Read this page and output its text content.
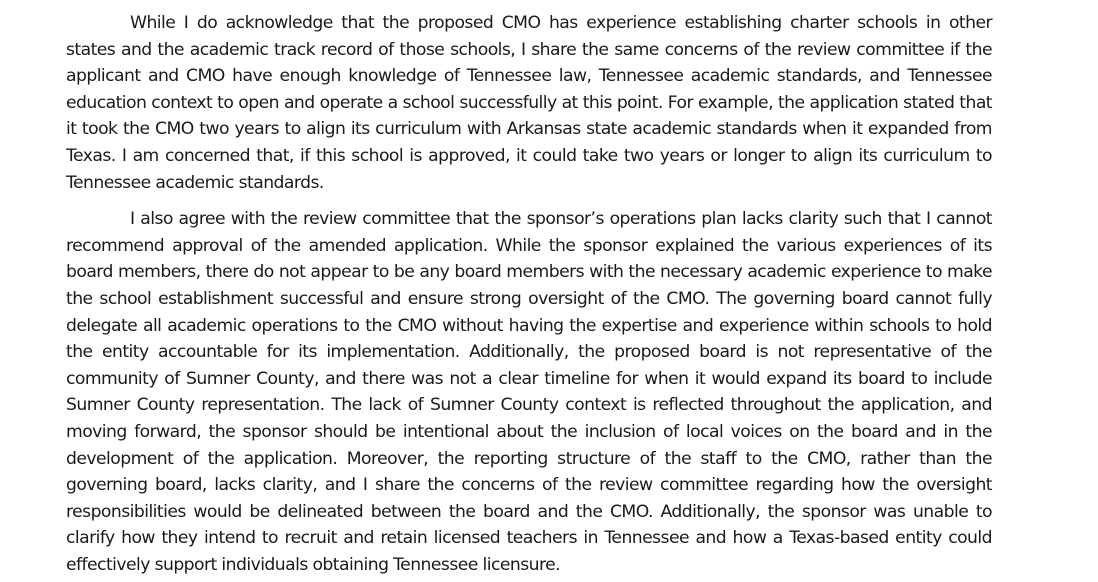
While I do acknowledge that the proposed CMO has experience establishing charter schools in other states and the academic track record of those schools, I share the same concerns of the review committee if the applicant and CMO have enough knowledge of Tennessee law, Tennessee academic standards, and Tennessee education context to open and operate a school successfully at this point. For example, the application stated that it took the CMO two years to align its curriculum with Arkansas state academic standards when it expanded from Texas. I am concerned that, if this school is approved, it could take two years or longer to align its curriculum to Tennessee academic standards.

I also agree with the review committee that the sponsor’s operations plan lacks clarity such that I cannot recommend approval of the amended application. While the sponsor explained the various experiences of its board members, there do not appear to be any board members with the necessary academic experience to make the school establishment successful and ensure strong oversight of the CMO. The governing board cannot fully delegate all academic operations to the CMO without having the expertise and experience within schools to hold the entity accountable for its implementation. Additionally, the proposed board is not representative of the community of Sumner County, and there was not a clear timeline for when it would expand its board to include Sumner County representation. The lack of Sumner County context is reflected throughout the application, and moving forward, the sponsor should be intentional about the inclusion of local voices on the board and in the development of the application. Moreover, the reporting structure of the staff to the CMO, rather than the governing board, lacks clarity, and I share the concerns of the review committee regarding how the oversight responsibilities would be delineated between the board and the CMO. Additionally, the sponsor was unable to clarify how they intend to recruit and retain licensed teachers in Tennessee and how a Texas-based entity could effectively support individuals obtaining Tennessee licensure.
